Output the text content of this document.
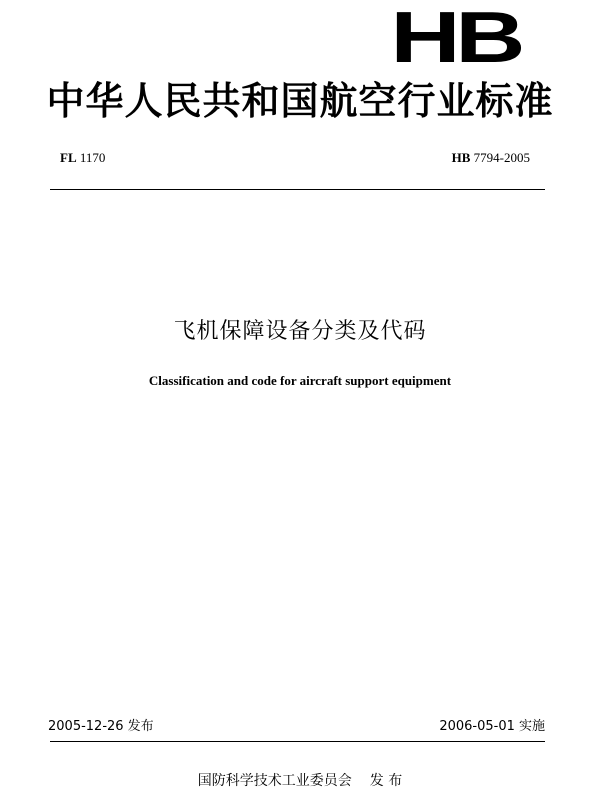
HB
中华人民共和国航空行业标准
FL 1170	HB 7794-2005
飞机保障设备分类及代码
Classification and code for aircraft support equipment
2005-12-26 发布	2006-05-01 实施
国防科学技术工业委员会 发 布
